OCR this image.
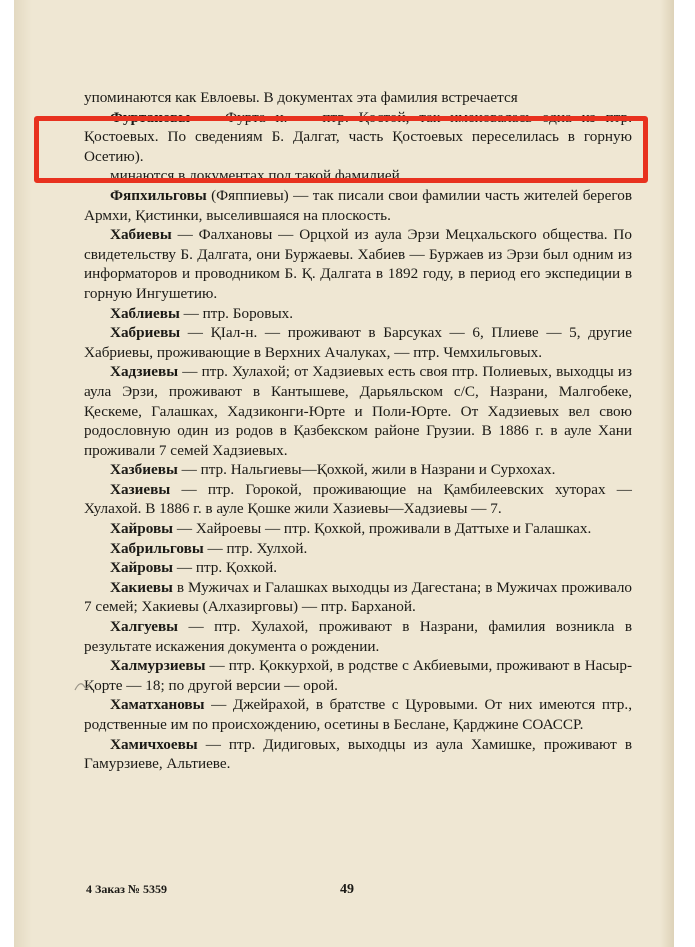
упоминаются как Евлоевы. В документах эта фамилия встречается

Фуртановы — Фурта н. — птр. Қостой, так именовалась одна из птр. Қостоевых. По сведениям Б. Далгат, часть Қостоевых переселилась в горную Осетию).

минаются в документах под такой фамилией.

Фяпхильговы (Фяппиевы) — так писали свои фамилии часть жителей берегов Армхи, Қистинки, выселившаяся на плоскость.

Хабиевы — Фалхановы — Орцхой из аула Эрзи Мецхальского общества. По свидетельству Б. Далгата, они Буржаевы. Хабиев — Буржаев из Эрзи был одним из информаторов и проводником Б. Қ. Далгата в 1892 году, в период его экспедиции в горную Ингушетию.

Хаблиевы — птр. Боровых.

Хабриевы — ҚІал-н. — проживают в Барсуках — 6, Плиеве — 5, другие Хабриевы, проживающие в Верхних Ачалуках, — птр. Чемхильговых.

Хадзиевы — птр. Хулахой; от Хадзиевых есть своя птр. Полиевых, выходцы из аула Эрзи, проживают в Кантышеве, Дарьяльском с/С, Назрани, Малгобеке, Қескеме, Галашках, Хадзиконги-Юрте и Поли-Юрте. От Хадзиевых вел свою родословную один из родов в Қазбекском районе Грузии. В 1886 г. в ауле Хани проживали 7 семей Хадзиевых.

Хазбиевы — птр. Нальгиевы—Қохкой, жили в Назрани и Сурхохах.

Хазиевы — птр. Горокой, проживающие на Қамбилеевских хуторах — Хулахой. В 1886 г. в ауле Қошке жили Хазиевы—Хадзиевы — 7.

Хайровы — Хайроевы — птр. Қохкой, проживали в Даттыхе и Галашках.

Хабрильговы — птр. Хулхой.

Хайровы — птр. Қохкой.

Хакиевы в Мужичах и Галашках выходцы из Дагестана; в Мужичах проживало 7 семей; Хакиевы (Алхазирговы) — птр. Барханой.

Халгуевы — птр. Хулахой, проживают в Назрани, фамилия возникла в результате искажения документа о рождении.

Халмурзиевы — птр. Қоккурхой, в родстве с Акбиевыми, проживают в Насыр-Қорте — 18; по другой версии — орой.

Хаматхановы — Джейрахой, в братстве с Цуровыми. От них имеются птр., родственные им по происхождению, осетины в Беслане, Қарджине СОАССР.

Хамичхоевы — птр. Дидиговых, выходцы из аула Хамишке, проживают в Гамурзиеве, Альтиеве.

4 Заказ № 5359	49
